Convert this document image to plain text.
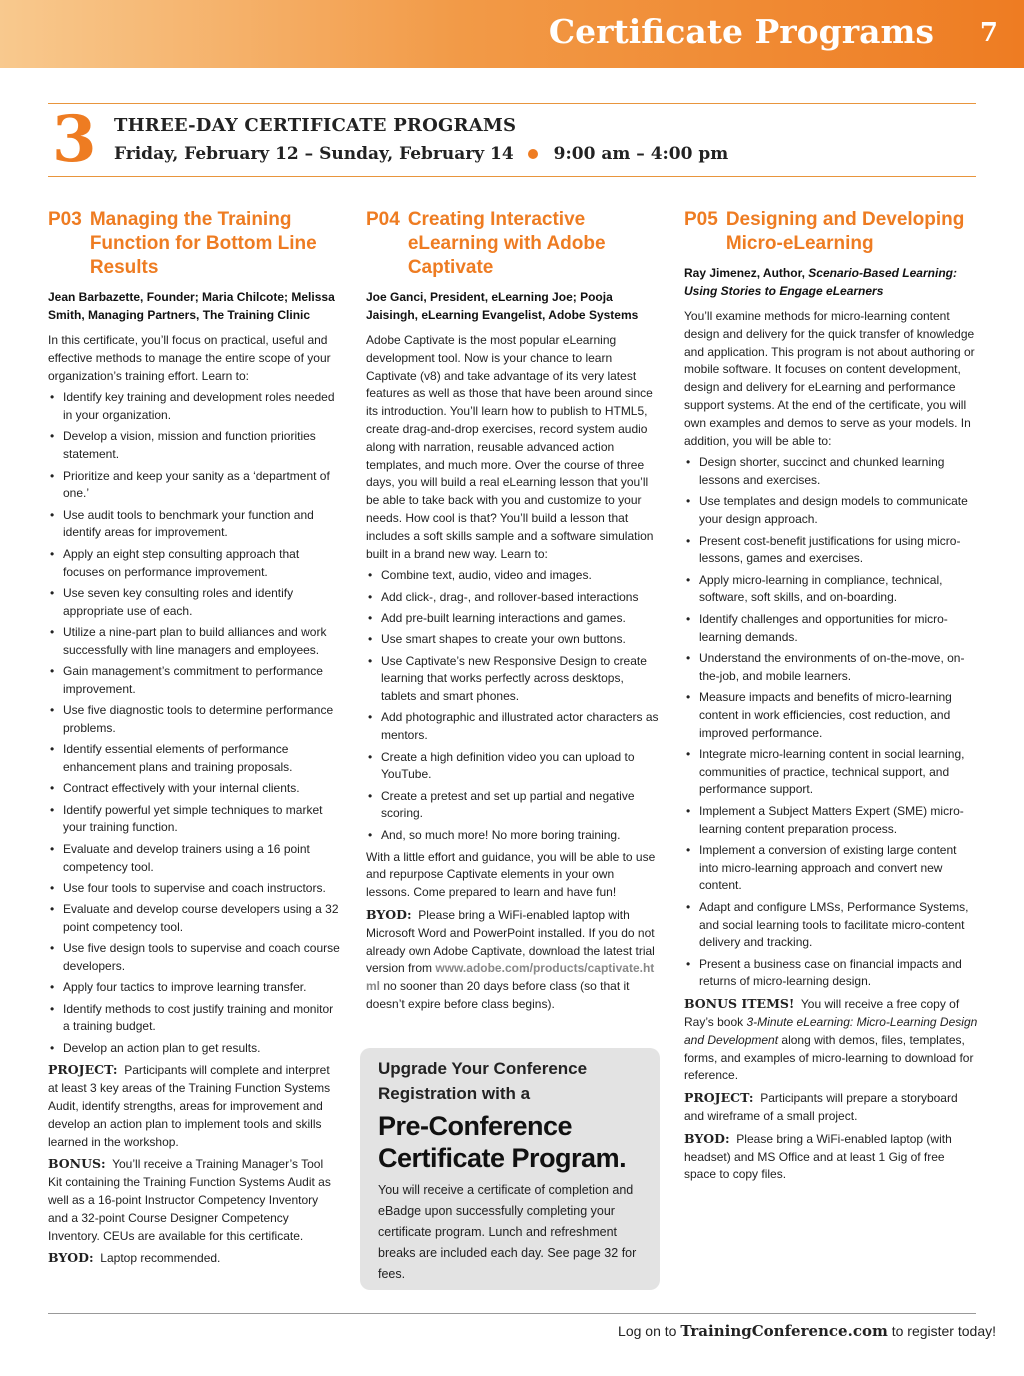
Certificate Programs 7
3 THREE-DAY CERTIFICATE PROGRAMS
Friday, February 12 – Sunday, February 14 9:00 am – 4:00 pm
P03 Managing the Training Function for Bottom Line Results
Jean Barbazette, Founder; Maria Chilcote; Melissa Smith, Managing Partners, The Training Clinic

In this certificate, you’ll focus on practical, useful and effective methods to manage the entire scope of your organization’s training effort. Learn to:

• Identify key training and development roles needed in your organization.
• Develop a vision, mission and function priorities statement.
• Prioritize and keep your sanity as a ‘department of one.’
• Use audit tools to benchmark your function and identify areas for improvement.
• Apply an eight step consulting approach that focuses on performance improvement.
• Use seven key consulting roles and identify appropriate use of each.
• Utilize a nine-part plan to build alliances and work successfully with line managers and employees.
• Gain management’s commitment to performance improvement.
• Use five diagnostic tools to determine performance problems.
• Identify essential elements of performance enhancement plans and training proposals.
• Contract effectively with your internal clients.
• Identify powerful yet simple techniques to market your training function.
• Evaluate and develop trainers using a 16 point competency tool.
• Use four tools to supervise and coach instructors.
• Evaluate and develop course developers using a 32 point competency tool.
• Use five design tools to supervise and coach course developers.
• Apply four tactics to improve learning transfer.
• Identify methods to cost justify training and monitor a training budget.
• Develop an action plan to get results.

PROJECT: Participants will complete and interpret at least 3 key areas of the Training Function Systems Audit, identify strengths, areas for improvement and develop an action plan to implement tools and skills learned in the workshop.

BONUS: You’ll receive a Training Manager’s Tool Kit containing the Training Function Systems Audit as well as a 16-point Instructor Competency Inventory and a 32-point Course Designer Competency Inventory. CEUs are available for this certificate.

BYOD: Laptop recommended.

P04 Creating Interactive eLearning with Adobe Captivate
Joe Ganci, President, eLearning Joe; Pooja Jaisingh, eLearning Evangelist, Adobe Systems

Adobe Captivate is the most popular eLearning development tool. Now is your chance to learn Captivate (v8) and take advantage of its very latest features as well as those that have been around since its introduction. You’ll learn how to publish to HTML5, create drag-and-drop exercises, record system audio along with narration, reusable advanced action templates, and much more. Over the course of three days, you will build a real eLearning lesson that you’ll be able to take back with you and customize to your needs. How cool is that? You’ll build a lesson that includes a soft skills sample and a software simulation built in a brand new way. Learn to:

• Combine text, audio, video and images.
• Add click-, drag-, and rollover-based interactions
• Add pre-built learning interactions and games.
• Use smart shapes to create your own buttons.
• Use Captivate’s new Responsive Design to create learning that works perfectly across desktops, tablets and smart phones.
• Add photographic and illustrated actor characters as mentors.
• Create a high definition video you can upload to YouTube.
• Create a pretest and set up partial and negative scoring.
• And, so much more! No more boring training.

With a little effort and guidance, you will be able to use and repurpose Captivate elements in your own lessons. Come prepared to learn and have fun!

BYOD: Please bring a WiFi-enabled laptop with Microsoft Word and PowerPoint installed. If you do not already own Adobe Captivate, download the latest trial version from www.adobe.com/products/captivate.html no sooner than 20 days before class (so that it doesn’t expire before class begins).

Upgrade Your Conference Registration with a
Pre-Conference Certificate Program.
You will receive a certificate of completion and eBadge upon successfully completing your certificate program. Lunch and refreshment breaks are included each day. See page 32 for fees.
P05 Designing and Developing Micro-eLearning
Ray Jimenez, Author, Scenario-Based Learning: Using Stories to Engage eLearners

You’ll examine methods for micro-learning content design and delivery for the quick transfer of knowledge and application. This program is not about authoring or mobile software. It focuses on content development, design and delivery for eLearning and performance support systems. At the end of the certificate, you will own examples and demos to serve as your models. In addition, you will be able to:

• Design shorter, succinct and chunked learning lessons and exercises.
• Use templates and design models to communicate your design approach.
• Present cost-benefit justifications for using micro-lessons, games and exercises.
• Apply micro-learning in compliance, technical, software, soft skills, and on-boarding.
• Identify challenges and opportunities for micro-learning demands.
• Understand the environments of on-the-move, on-the-job, and mobile learners.
• Measure impacts and benefits of micro-learning content in work efficiencies, cost reduction, and improved performance.
• Integrate micro-learning content in social learning, communities of practice, technical support, and performance support.
• Implement a Subject Matters Expert (SME) micro-learning content preparation process.
• Implement a conversion of existing large content into micro-learning approach and convert new content.
• Adapt and configure LMSs, Performance Systems, and social learning tools to facilitate micro-content delivery and tracking.
• Present a business case on financial impacts and returns of micro-learning design.

BONUS ITEMS! You will receive a free copy of Ray’s book 3-Minute eLearning: Micro-Learning Design and Development along with demos, files, templates, forms, and examples of micro-learning to download for reference.

PROJECT: Participants will prepare a storyboard and wireframe of a small project.

BYOD: Please bring a WiFi-enabled laptop (with headset) and MS Office and at least 1 Gig of free space to copy files.

Log on to TrainingConference.com to register today!
